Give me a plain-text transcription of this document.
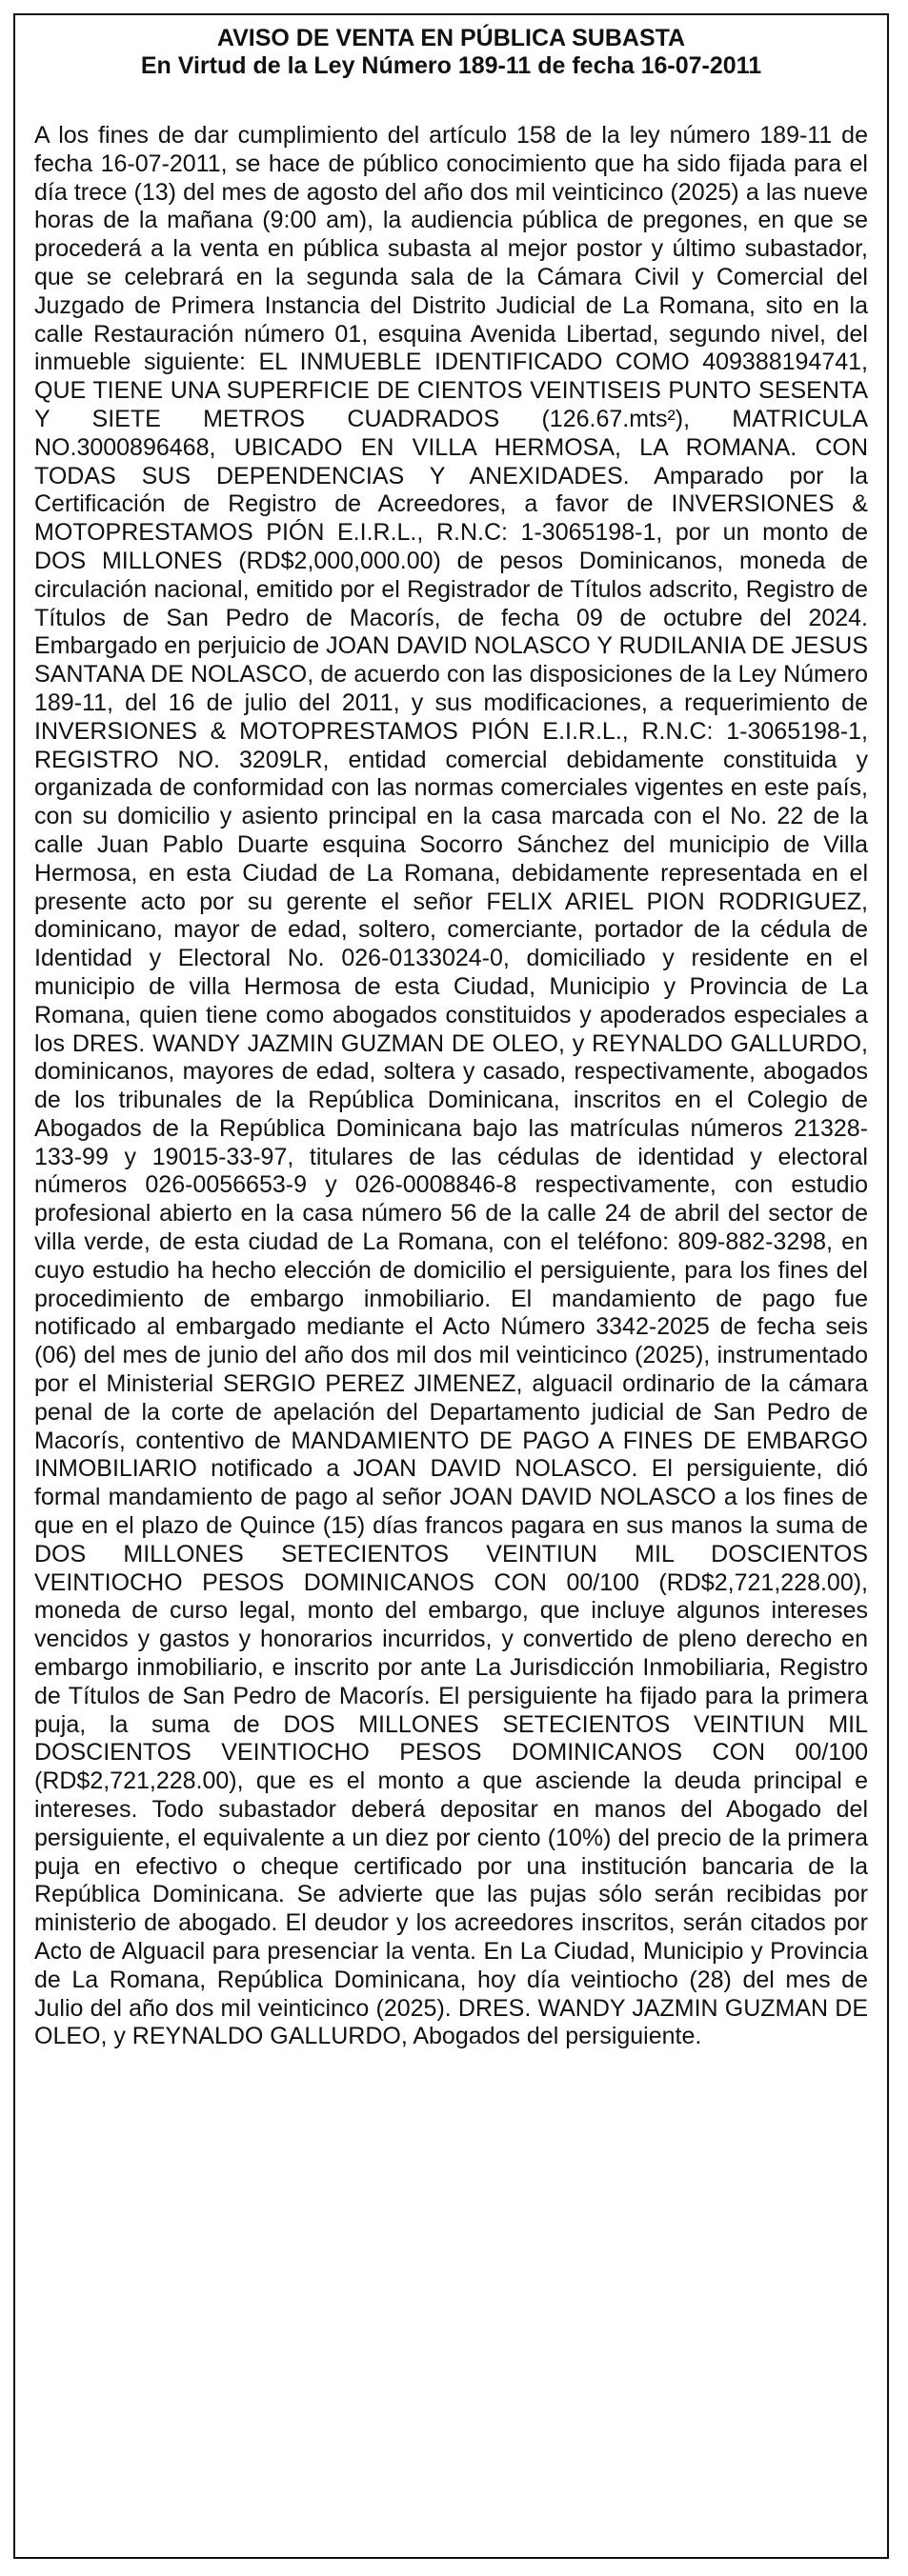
AVISO DE VENTA EN PÚBLICA SUBASTA
En Virtud de la Ley Número 189-11 de fecha 16-07-2011

A los fines de dar cumplimiento del artículo 158 de la ley número 189-11 de fecha 16-07-2011, se hace de público conocimiento que ha sido fijada para el día trece (13) del mes de agosto del año dos mil veinticinco (2025) a las nueve horas de la mañana (9:00 am), la audiencia pública de pregones, en que se procederá a la venta en pública subasta al mejor postor y último subastador, que se celebrará en la segunda sala de la Cámara Civil y Comercial del Juzgado de Primera Instancia del Distrito Judicial de La Romana, sito en la calle Restauración número 01, esquina Avenida Libertad, segundo nivel, del inmueble siguiente: EL INMUEBLE IDENTIFICADO COMO 409388194741, QUE TIENE UNA SUPERFICIE DE CIENTOS VEINTISEIS PUNTO SESENTA Y SIETE METROS CUADRADOS (126.67.mts²), MATRICULA NO.3000896468, UBICADO EN VILLA HERMOSA, LA ROMANA. CON TODAS SUS DEPENDENCIAS Y ANEXIDADES. Amparado por la Certificación de Registro de Acreedores, a favor de INVERSIONES & MOTOPRESTAMOS PIÓN E.I.R.L., R.N.C: 1-3065198-1, por un monto de DOS MILLONES (RD$2,000,000.00) de pesos Dominicanos, moneda de circulación nacional, emitido por el Registrador de Títulos adscrito, Registro de Títulos de San Pedro de Macorís, de fecha 09 de octubre del 2024. Embargado en perjuicio de JOAN DAVID NOLASCO Y RUDILANIA DE JESUS SANTANA DE NOLASCO, de acuerdo con las disposiciones de la Ley Número 189-11, del 16 de julio del 2011, y sus modificaciones, a requerimiento de INVERSIONES & MOTOPRESTAMOS PIÓN E.I.R.L., R.N.C: 1-3065198-1, REGISTRO NO. 3209LR, entidad comercial debidamente constituida y organizada de conformidad con las normas comerciales vigentes en este país, con su domicilio y asiento principal en la casa marcada con el No. 22 de la calle Juan Pablo Duarte esquina Socorro Sánchez del municipio de Villa Hermosa, en esta Ciudad de La Romana, debidamente representada en el presente acto por su gerente el señor FELIX ARIEL PION RODRIGUEZ, dominicano, mayor de edad, soltero, comerciante, portador de la cédula de Identidad y Electoral No. 026-0133024-0, domiciliado y residente en el municipio de villa Hermosa de esta Ciudad, Municipio y Provincia de La Romana, quien tiene como abogados constituidos y apoderados especiales a los DRES. WANDY JAZMIN GUZMAN DE OLEO, y REYNALDO GALLURDO, dominicanos, mayores de edad, soltera y casado, respectivamente, abogados de los tribunales de la República Dominicana, inscritos en el Colegio de Abogados de la República Dominicana bajo las matrículas números 21328-133-99 y 19015-33-97, titulares de las cédulas de identidad y electoral números 026-0056653-9 y 026-0008846-8 respectivamente, con estudio profesional abierto en la casa número 56 de la calle 24 de abril del sector de villa verde, de esta ciudad de La Romana, con el teléfono: 809-882-3298, en cuyo estudio ha hecho elección de domicilio el persiguiente, para los fines del procedimiento de embargo inmobiliario. El mandamiento de pago fue notificado al embargado mediante el Acto Número 3342-2025 de fecha seis (06) del mes de junio del año dos mil dos mil veinticinco (2025), instrumentado por el Ministerial SERGIO PEREZ JIMENEZ, alguacil ordinario de la cámara penal de la corte de apelación del Departamento judicial de San Pedro de Macorís, contentivo de MANDAMIENTO DE PAGO A FINES DE EMBARGO INMOBILIARIO notificado a JOAN DAVID NOLASCO. El persiguiente, dió formal mandamiento de pago al señor JOAN DAVID NOLASCO a los fines de que en el plazo de Quince (15) días francos pagara en sus manos la suma de DOS MILLONES SETECIENTOS VEINTIUN MIL DOSCIENTOS VEINTIOCHO PESOS DOMINICANOS CON 00/100 (RD$2,721,228.00), moneda de curso legal, monto del embargo, que incluye algunos intereses vencidos y gastos y honorarios incurridos, y convertido de pleno derecho en embargo inmobiliario, e inscrito por ante La Jurisdicción Inmobiliaria, Registro de Títulos de San Pedro de Macorís. El persiguiente ha fijado para la primera puja, la suma de DOS MILLONES SETECIENTOS VEINTIUN MIL DOSCIENTOS VEINTIOCHO PESOS DOMINICANOS CON 00/100 (RD$2,721,228.00), que es el monto a que asciende la deuda principal e intereses. Todo subastador deberá depositar en manos del Abogado del persiguiente, el equivalente a un diez por ciento (10%) del precio de la primera puja en efectivo o cheque certificado por una institución bancaria de la República Dominicana. Se advierte que las pujas sólo serán recibidas por ministerio de abogado. El deudor y los acreedores inscritos, serán citados por Acto de Alguacil para presenciar la venta. En La Ciudad, Municipio y Provincia de La Romana, República Dominicana, hoy día veintiocho (28) del mes de Julio del año dos mil veinticinco (2025). DRES. WANDY JAZMIN GUZMAN DE OLEO, y REYNALDO GALLURDO, Abogados del persiguiente.
